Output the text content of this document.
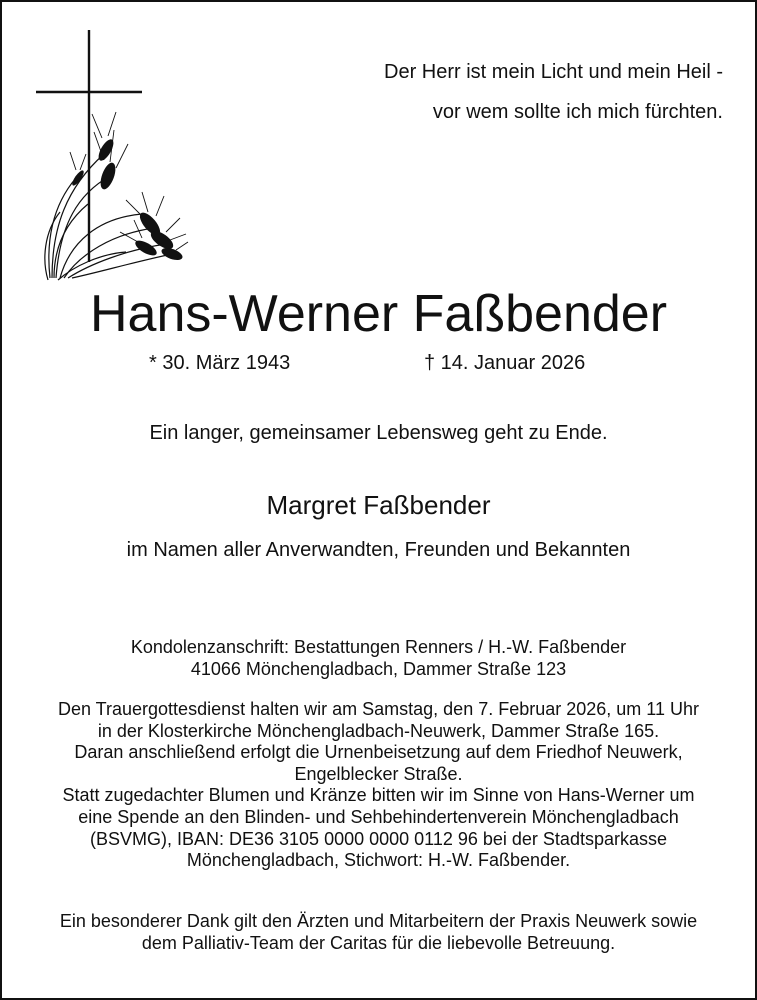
Der Herr ist mein Licht und mein Heil -
vor wem sollte ich mich fürchten.
Hans-Werner Faßbender
* 30. März 1943	† 14. Januar 2026
Ein langer, gemeinsamer Lebensweg geht zu Ende.
Margret Faßbender
im Namen aller Anverwandten, Freunden und Bekannten
Kondolenzanschrift: Bestattungen Renners / H.-W. Faßbender
41066 Mönchengladbach, Dammer Straße 123
Den Trauergottesdienst halten wir am Samstag, den 7. Februar 2026, um 11 Uhr
in der Klosterkirche Mönchengladbach-Neuwerk, Dammer Straße 165.
Daran anschließend erfolgt die Urnenbeisetzung auf dem Friedhof Neuwerk,
Engelblecker Straße.
Statt zugedachter Blumen und Kränze bitten wir im Sinne von Hans-Werner um
eine Spende an den Blinden- und Sehbehindertenverein Mönchengladbach
(BSVMG), IBAN: DE36 3105 0000 0000 0112 96 bei der Stadtsparkasse
Mönchengladbach, Stichwort: H.-W. Faßbender.
Ein besonderer Dank gilt den Ärzten und Mitarbeitern der Praxis Neuwerk sowie
dem Palliativ-Team der Caritas für die liebevolle Betreuung.
